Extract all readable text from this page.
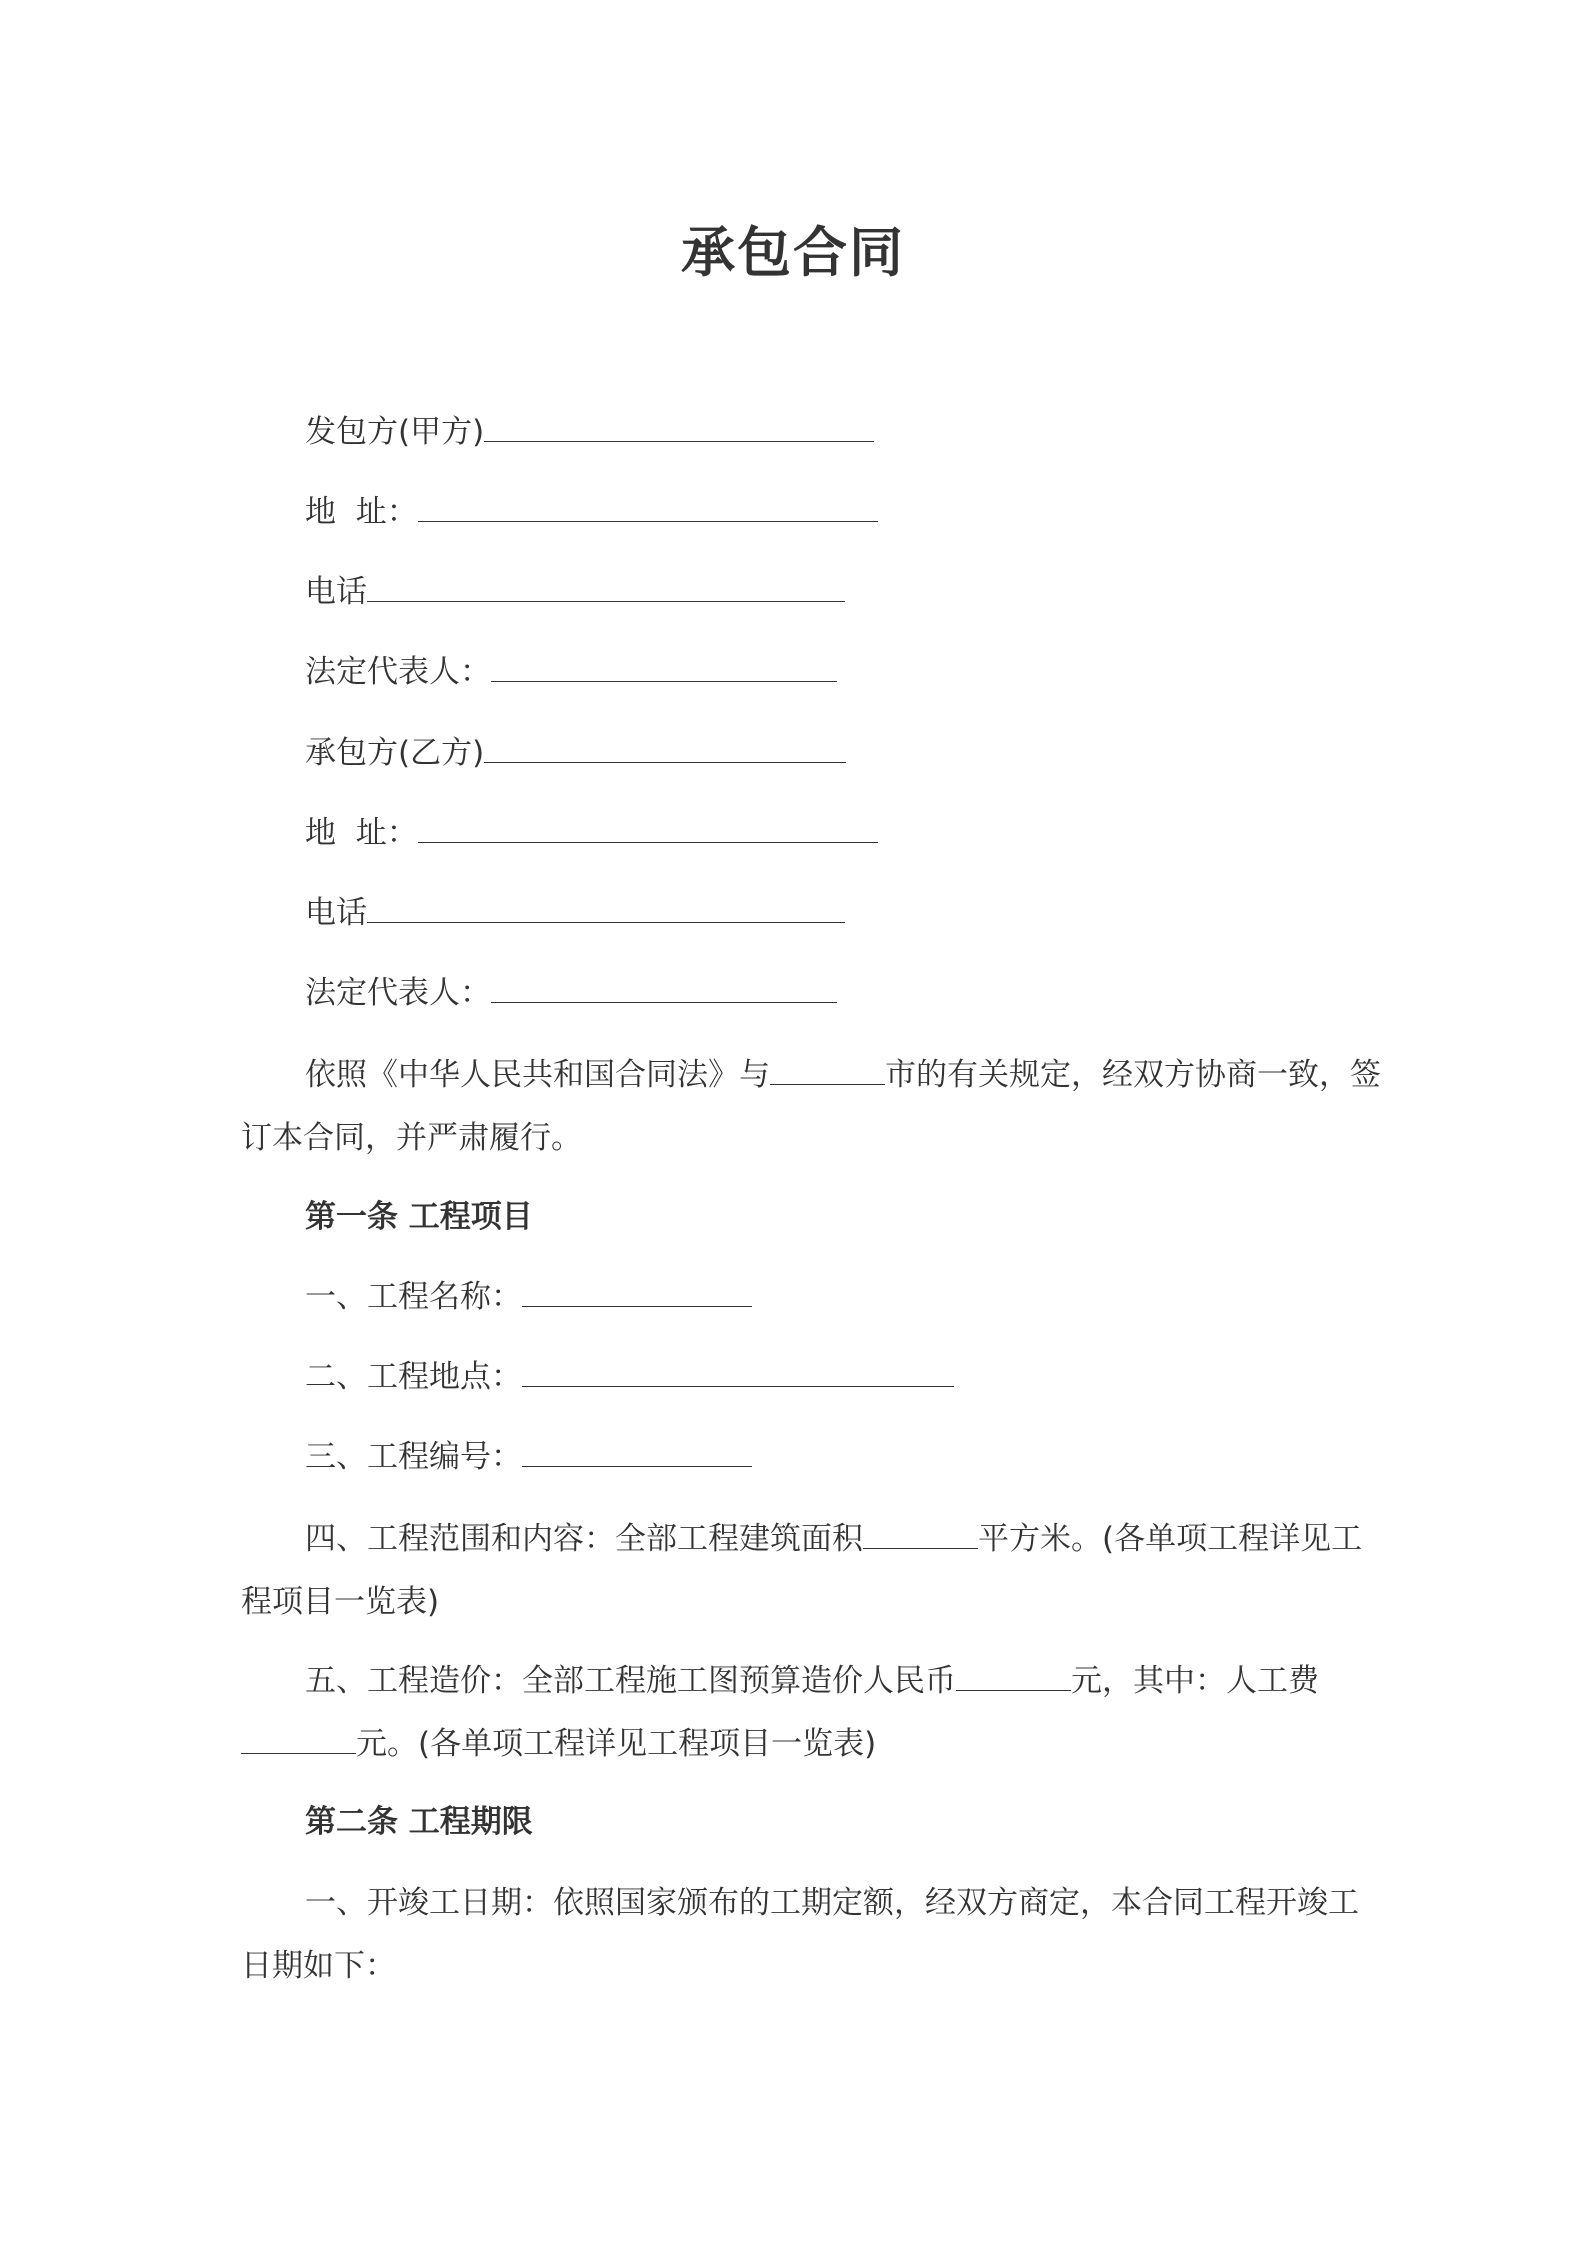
承包合同
发包方(甲方)
地  址：
电话
法定代表人：
承包方(乙方)
地  址：
电话
法定代表人：
依照《中华人民共和国合同法》与	市的有关规定，经双方协商一致，签订本合同，并严肃履行。
第一条 工程项目
一、工程名称：
二、工程地点：
三、工程编号：
四、工程范围和内容：全部工程建筑面积	平方米。(各单项工程详见工程项目一览表)
五、工程造价：全部工程施工图预算造价人民币	元，其中：人工费元。(各单项工程详见工程项目一览表)
第二条 工程期限
一、开竣工日期：依照国家颁布的工期定额，经双方商定，本合同工程开竣工日期如下：
